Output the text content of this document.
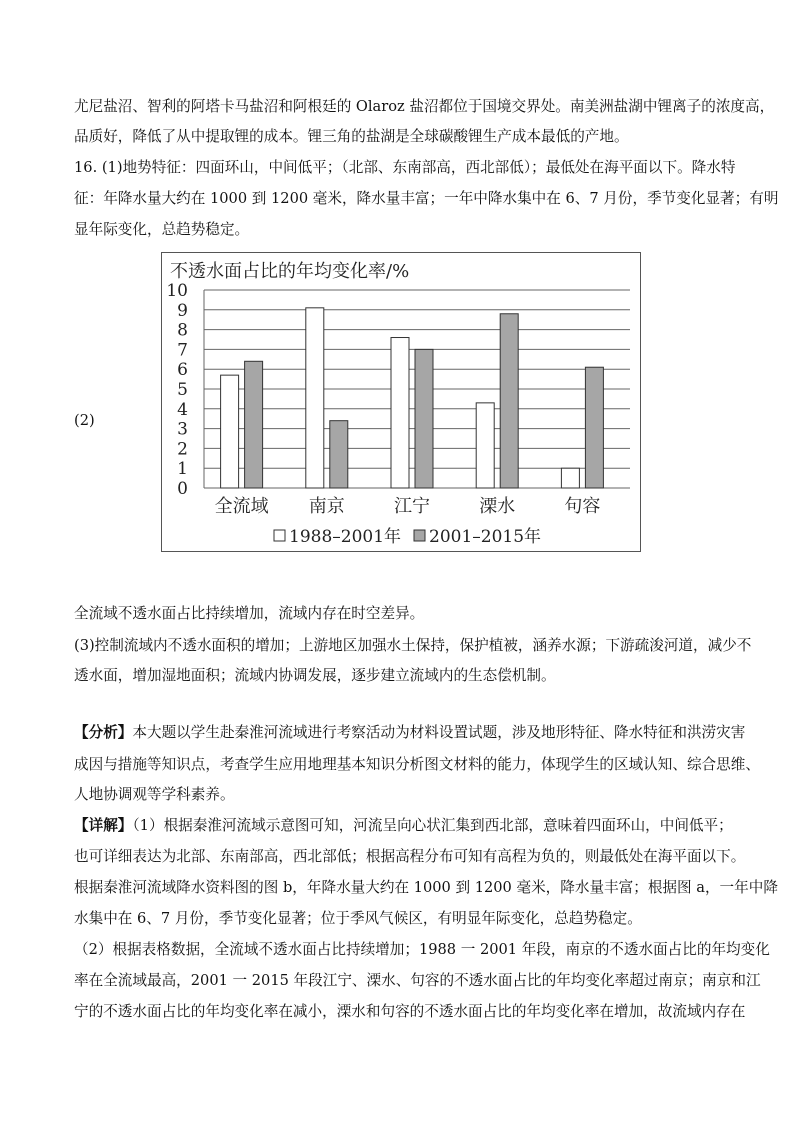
尤尼盐沼、智利的阿塔卡马盐沼和阿根廷的 Olaroz 盐沼都位于国境交界处。南美洲盐湖中锂离子的浓度高，
品质好，降低了从中提取锂的成本。锂三角的盐湖是全球碳酸锂生产成本最低的产地。
16. (1)地势特征：四面环山，中间低平；（北部、东南部高，西北部低）；最低处在海平面以下。降水特
征：年降水量大约在 1000 到 1200 毫米，降水量丰富；一年中降水集中在 6、7 月份，季节变化显著；有明
显年际变化，总趋势稳定。
(2)
不透水面占比的年均变化率/%
0
1
2
3
4
5
6
7
8
9
10
全流域 南京	江宁	溧水	句容
1988–2001年 2001–2015年
全流域不透水面占比持续增加，流域内存在时空差异。
(3)控制流域内不透水面积的增加；上游地区加强水土保持，保护植被，涵养水源；下游疏浚河道，减少不
透水面，增加湿地面积；流域内协调发展，逐步建立流域内的生态偿机制。
【分析】本大题以学生赴秦淮河流域进行考察活动为材料设置试题，涉及地形特征、降水特征和洪涝灾害
成因与措施等知识点，考查学生应用地理基本知识分析图文材料的能力，体现学生的区域认知、综合思维、
人地协调观等学科素养。
【详解】（1）根据秦淮河流域示意图可知，河流呈向心状汇集到西北部，意味着四面环山，中间低平；
也可详细表达为北部、东南部高，西北部低；根据高程分布可知有高程为负的，则最低处在海平面以下。
根据秦淮河流域降水资料图的图 b，年降水量大约在 1000 到 1200 毫米，降水量丰富；根据图 a，一年中降
水集中在 6、7 月份，季节变化显著；位于季风气候区，有明显年际变化，总趋势稳定。
（2）根据表格数据，全流域不透水面占比持续增加；1988 一 2001 年段，南京的不透水面占比的年均变化
率在全流域最高，2001 一 2015 年段江宁、溧水、句容的不透水面占比的年均变化率超过南京；南京和江
宁的不透水面占比的年均变化率在减小，溧水和句容的不透水面占比的年均变化率在增加，故流域内存在
